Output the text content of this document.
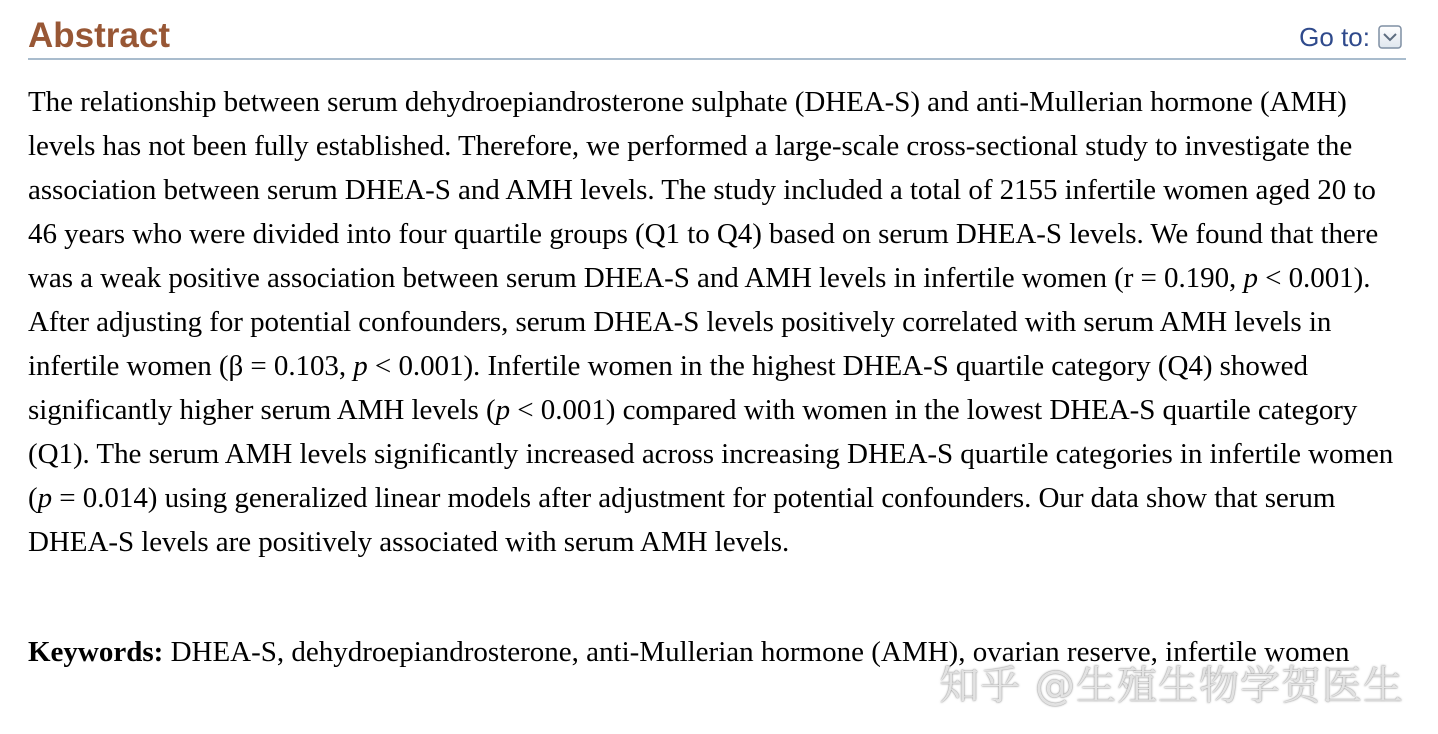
Abstract	Go to:

The relationship between serum dehydroepiandrosterone sulphate (DHEA-S) and anti-Mullerian hormone (AMH) levels has not been fully established. Therefore, we performed a large-scale cross-sectional study to investigate the association between serum DHEA-S and AMH levels. The study included a total of 2155 infertile women aged 20 to 46 years who were divided into four quartile groups (Q1 to Q4) based on serum DHEA-S levels. We found that there was a weak positive association between serum DHEA-S and AMH levels in infertile women (r = 0.190, p < 0.001). After adjusting for potential confounders, serum DHEA-S levels positively correlated with serum AMH levels in infertile women (β = 0.103, p < 0.001). Infertile women in the highest DHEA-S quartile category (Q4) showed significantly higher serum AMH levels (p < 0.001) compared with women in the lowest DHEA-S quartile category (Q1). The serum AMH levels significantly increased across increasing DHEA-S quartile categories in infertile women (p = 0.014) using generalized linear models after adjustment for potential confounders. Our data show that serum DHEA-S levels are positively associated with serum AMH levels.

Keywords: DHEA-S, dehydroepiandrosterone, anti-Mullerian hormone (AMH), ovarian reserve, infertile women

知乎 @生殖生物学贺医生
